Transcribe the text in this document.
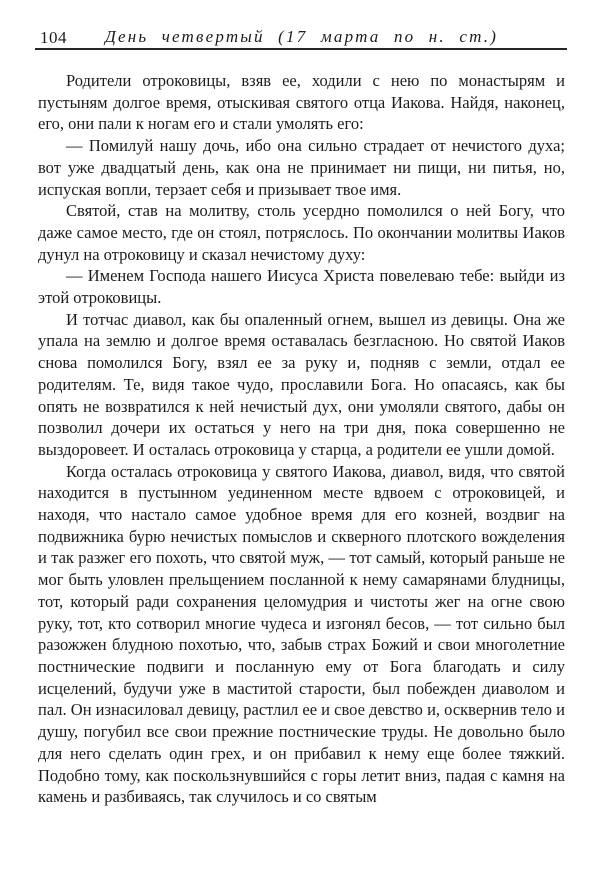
104	День четвертый (17 марта по н. ст.)

Родители отроковицы, взяв ее, ходили с нею по монастырям и пустыням долгое время, отыскивая святого отца Иакова. Найдя, наконец, его, они пали к ногам его и стали умолять его:

— Помилуй нашу дочь, ибо она сильно страдает от нечистого духа; вот уже двадцатый день, как она не принимает ни пищи, ни питья, но, испуская вопли, терзает себя и призывает твое имя.

Святой, став на молитву, столь усердно помолился о ней Богу, что даже самое место, где он стоял, потряслось. По окончании молитвы Иаков дунул на отроковицу и сказал нечистому духу:

— Именем Господа нашего Иисуса Христа повелеваю тебе: выйди из этой отроковицы.

И тотчас диавол, как бы опаленный огнем, вышел из девицы. Она же упала на землю и долгое время оставалась безгласною. Но святой Иаков снова помолился Богу, взял ее за руку и, подняв с земли, отдал ее родителям. Те, видя такое чудо, прославили Бога. Но опасаясь, как бы опять не возвратился к ней нечистый дух, они умоляли святого, дабы он позволил дочери их остаться у него на три дня, пока совершенно не выздоровеет. И осталась отроковица у старца, а родители ее ушли домой.

Когда осталась отроковица у святого Иакова, диавол, видя, что святой находится в пустынном уединенном месте вдвоем с отроковицей, и находя, что настало самое удобное время для его козней, воздвиг на подвижника бурю нечистых помыслов и скверного плотского вожделения и так разжег его похоть, что святой муж, — тот самый, который раньше не мог быть уловлен прельщением посланной к нему самарянами блудницы, тот, который ради сохранения целомудрия и чистоты жег на огне свою руку, тот, кто сотворил многие чудеса и изгонял бесов, — тот сильно был разожжен блудною похотью, что, забыв страх Божий и свои многолетние постнические подвиги и посланную ему от Бога благодать и силу исцелений, будучи уже в маститой старости, был побежден диаволом и пал. Он изнасиловал девицу, растлил ее и свое девство и, осквернив тело и душу, погубил все свои прежние постнические труды. Не довольно было для него сделать один грех, и он прибавил к нему еще более тяжкий. Подобно тому, как поскользнувшийся с горы летит вниз, падая с камня на камень и разбиваясь, так случилось и со святым
